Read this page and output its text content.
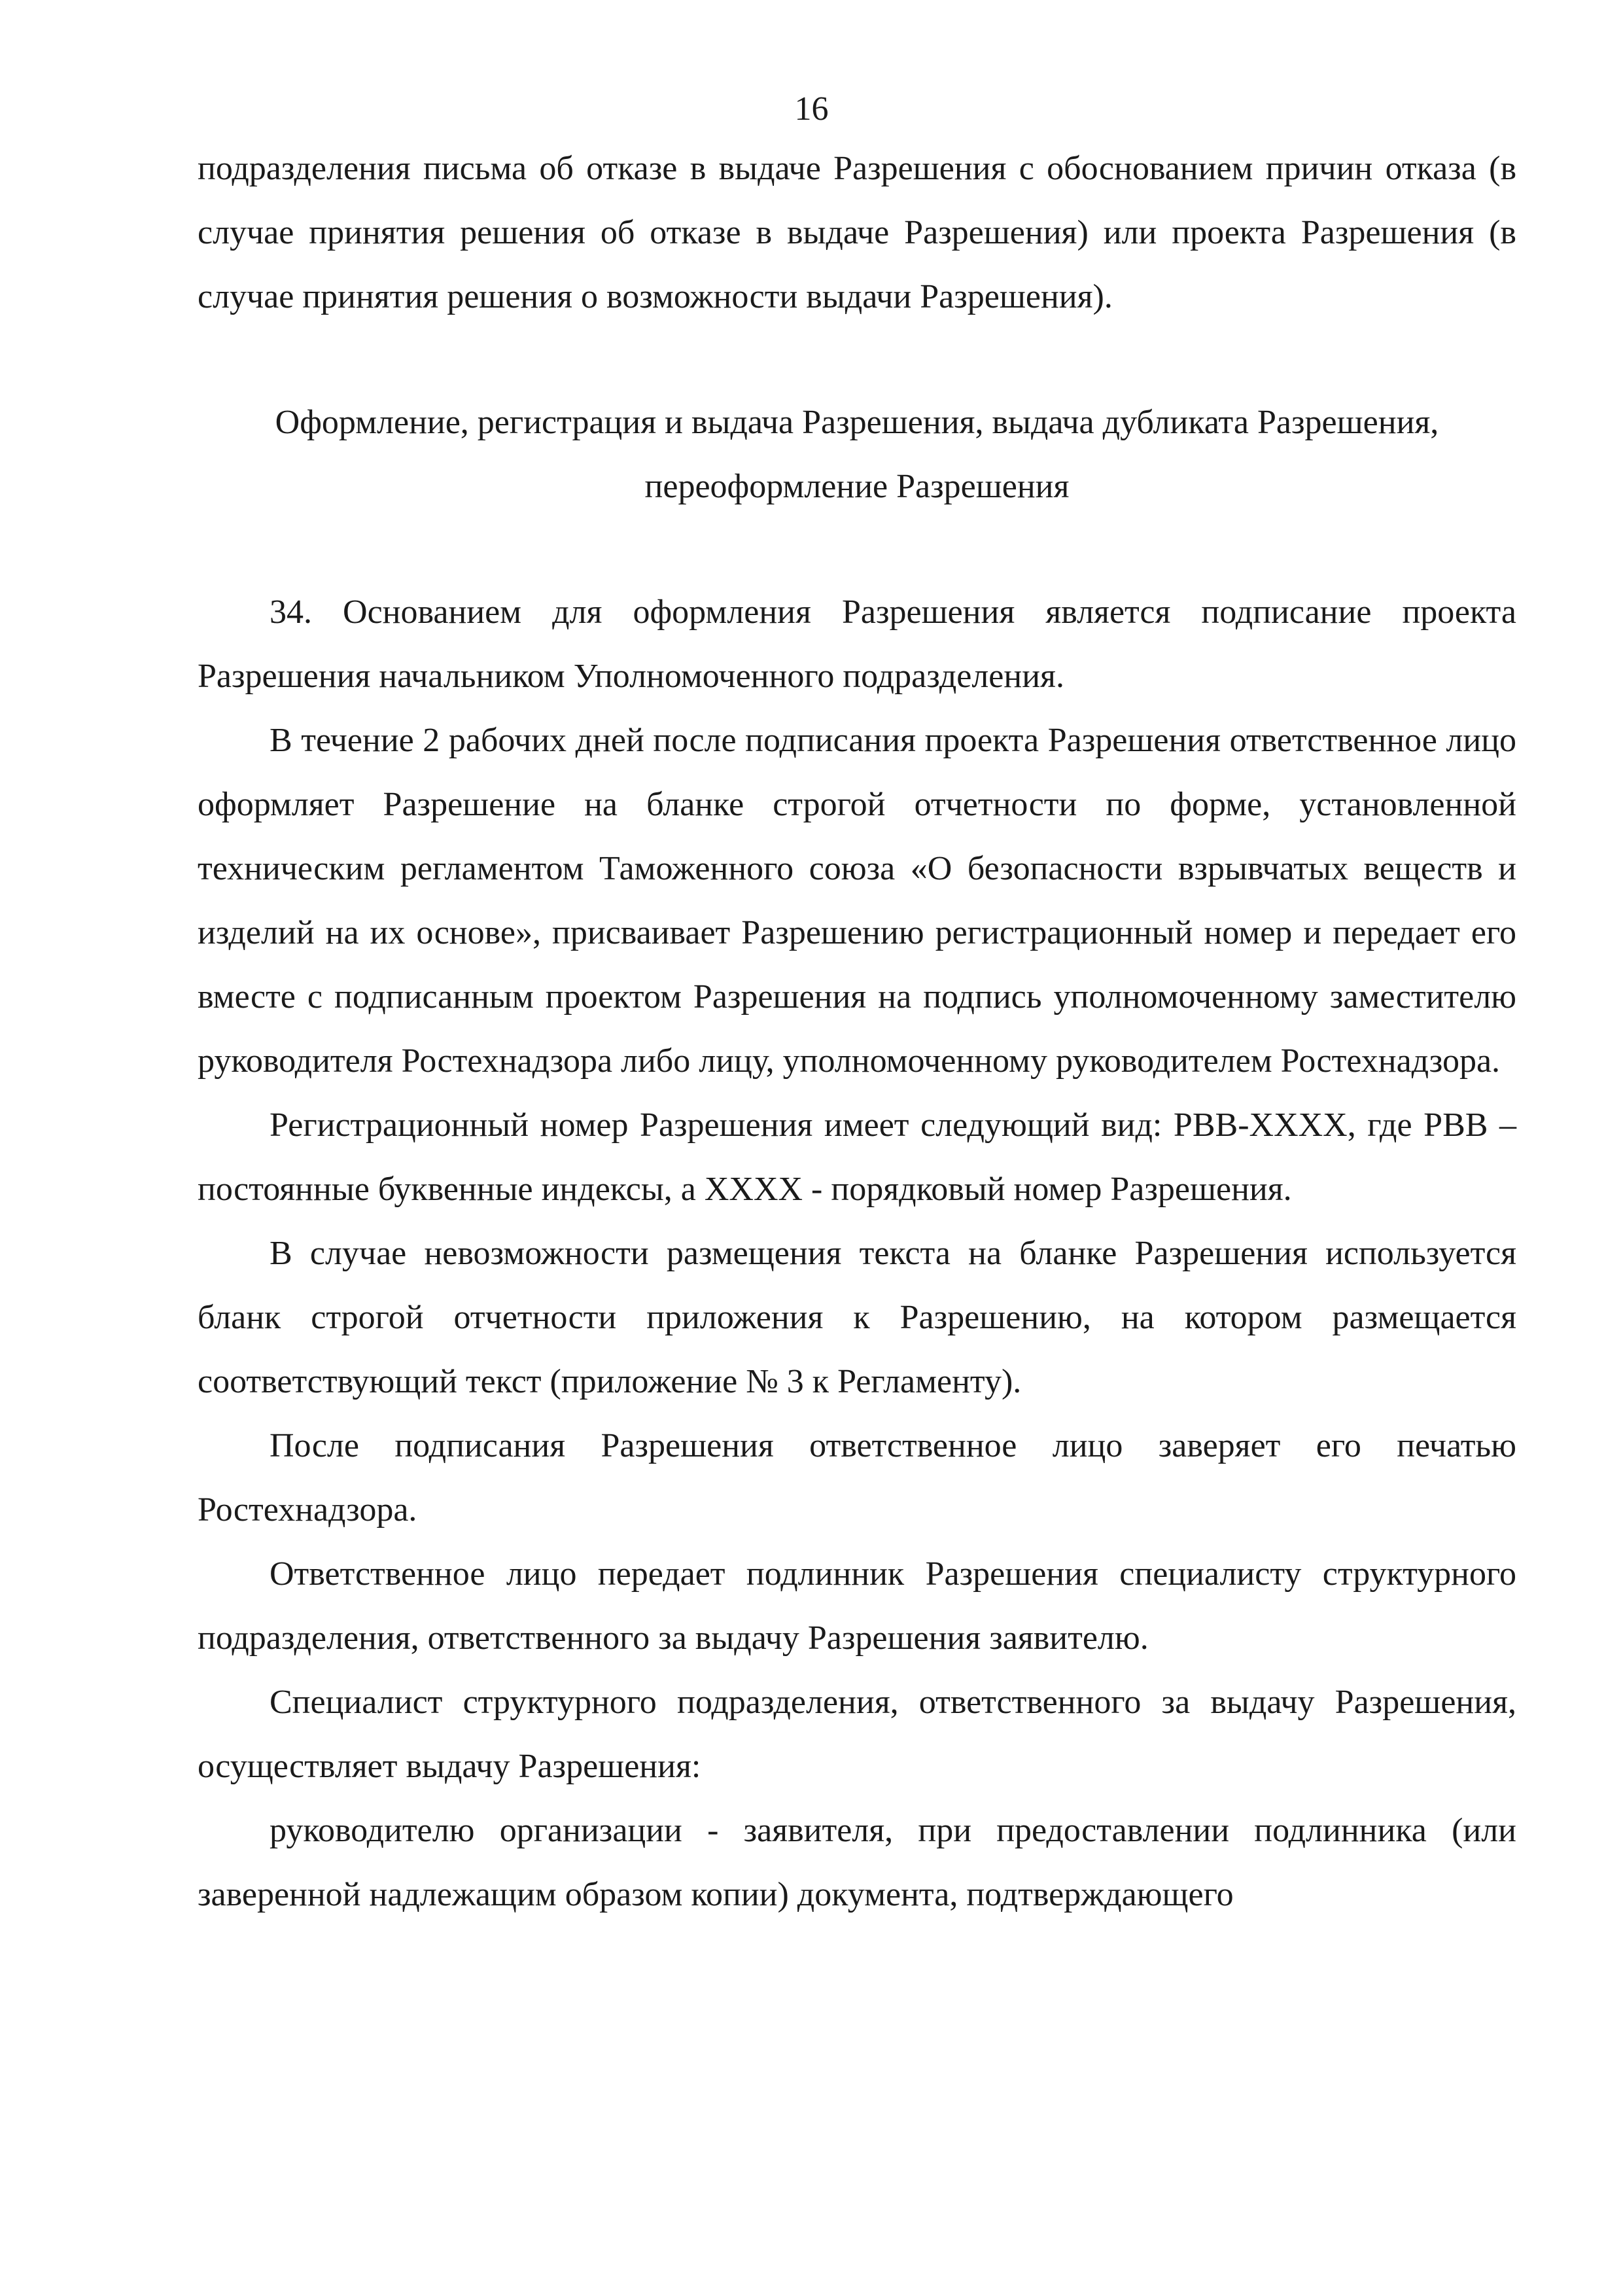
16

подразделения письма об отказе в выдаче Разрешения с обоснованием причин отказа (в случае принятия решения об отказе в выдаче Разрешения) или проекта Разрешения (в случае принятия решения о возможности выдачи Разрешения).

Оформление, регистрация и выдача Разрешения, выдача дубликата Разрешения,
переоформление Разрешения

34. Основанием для оформления Разрешения является подписание проекта Разрешения начальником Уполномоченного подразделения.

В течение 2 рабочих дней после подписания проекта Разрешения ответственное лицо оформляет Разрешение на бланке строгой отчетности по форме, установленной техническим регламентом Таможенного союза «О безопасности взрывчатых веществ и изделий на их основе», присваивает Разрешению регистрационный номер и передает его вместе с подписанным проектом Разрешения на подпись уполномоченному заместителю руководителя Ростехнадзора либо лицу, уполномоченному руководителем Ростехнадзора.

Регистрационный номер Разрешения имеет следующий вид: РВВ-ХХХХ, где РВВ – постоянные буквенные индексы, а ХХХХ - порядковый номер Разрешения.

В случае невозможности размещения текста на бланке Разрешения используется бланк строгой отчетности приложения к Разрешению, на котором размещается соответствующий текст (приложение № 3 к Регламенту).

После подписания Разрешения ответственное лицо заверяет его печатью Ростехнадзора.

Ответственное лицо передает подлинник Разрешения специалисту структурного подразделения, ответственного за выдачу Разрешения заявителю.

Специалист структурного подразделения, ответственного за выдачу Разрешения, осуществляет выдачу Разрешения:

руководителю организации - заявителя, при предоставлении подлинника (или заверенной надлежащим образом копии) документа, подтверждающего
